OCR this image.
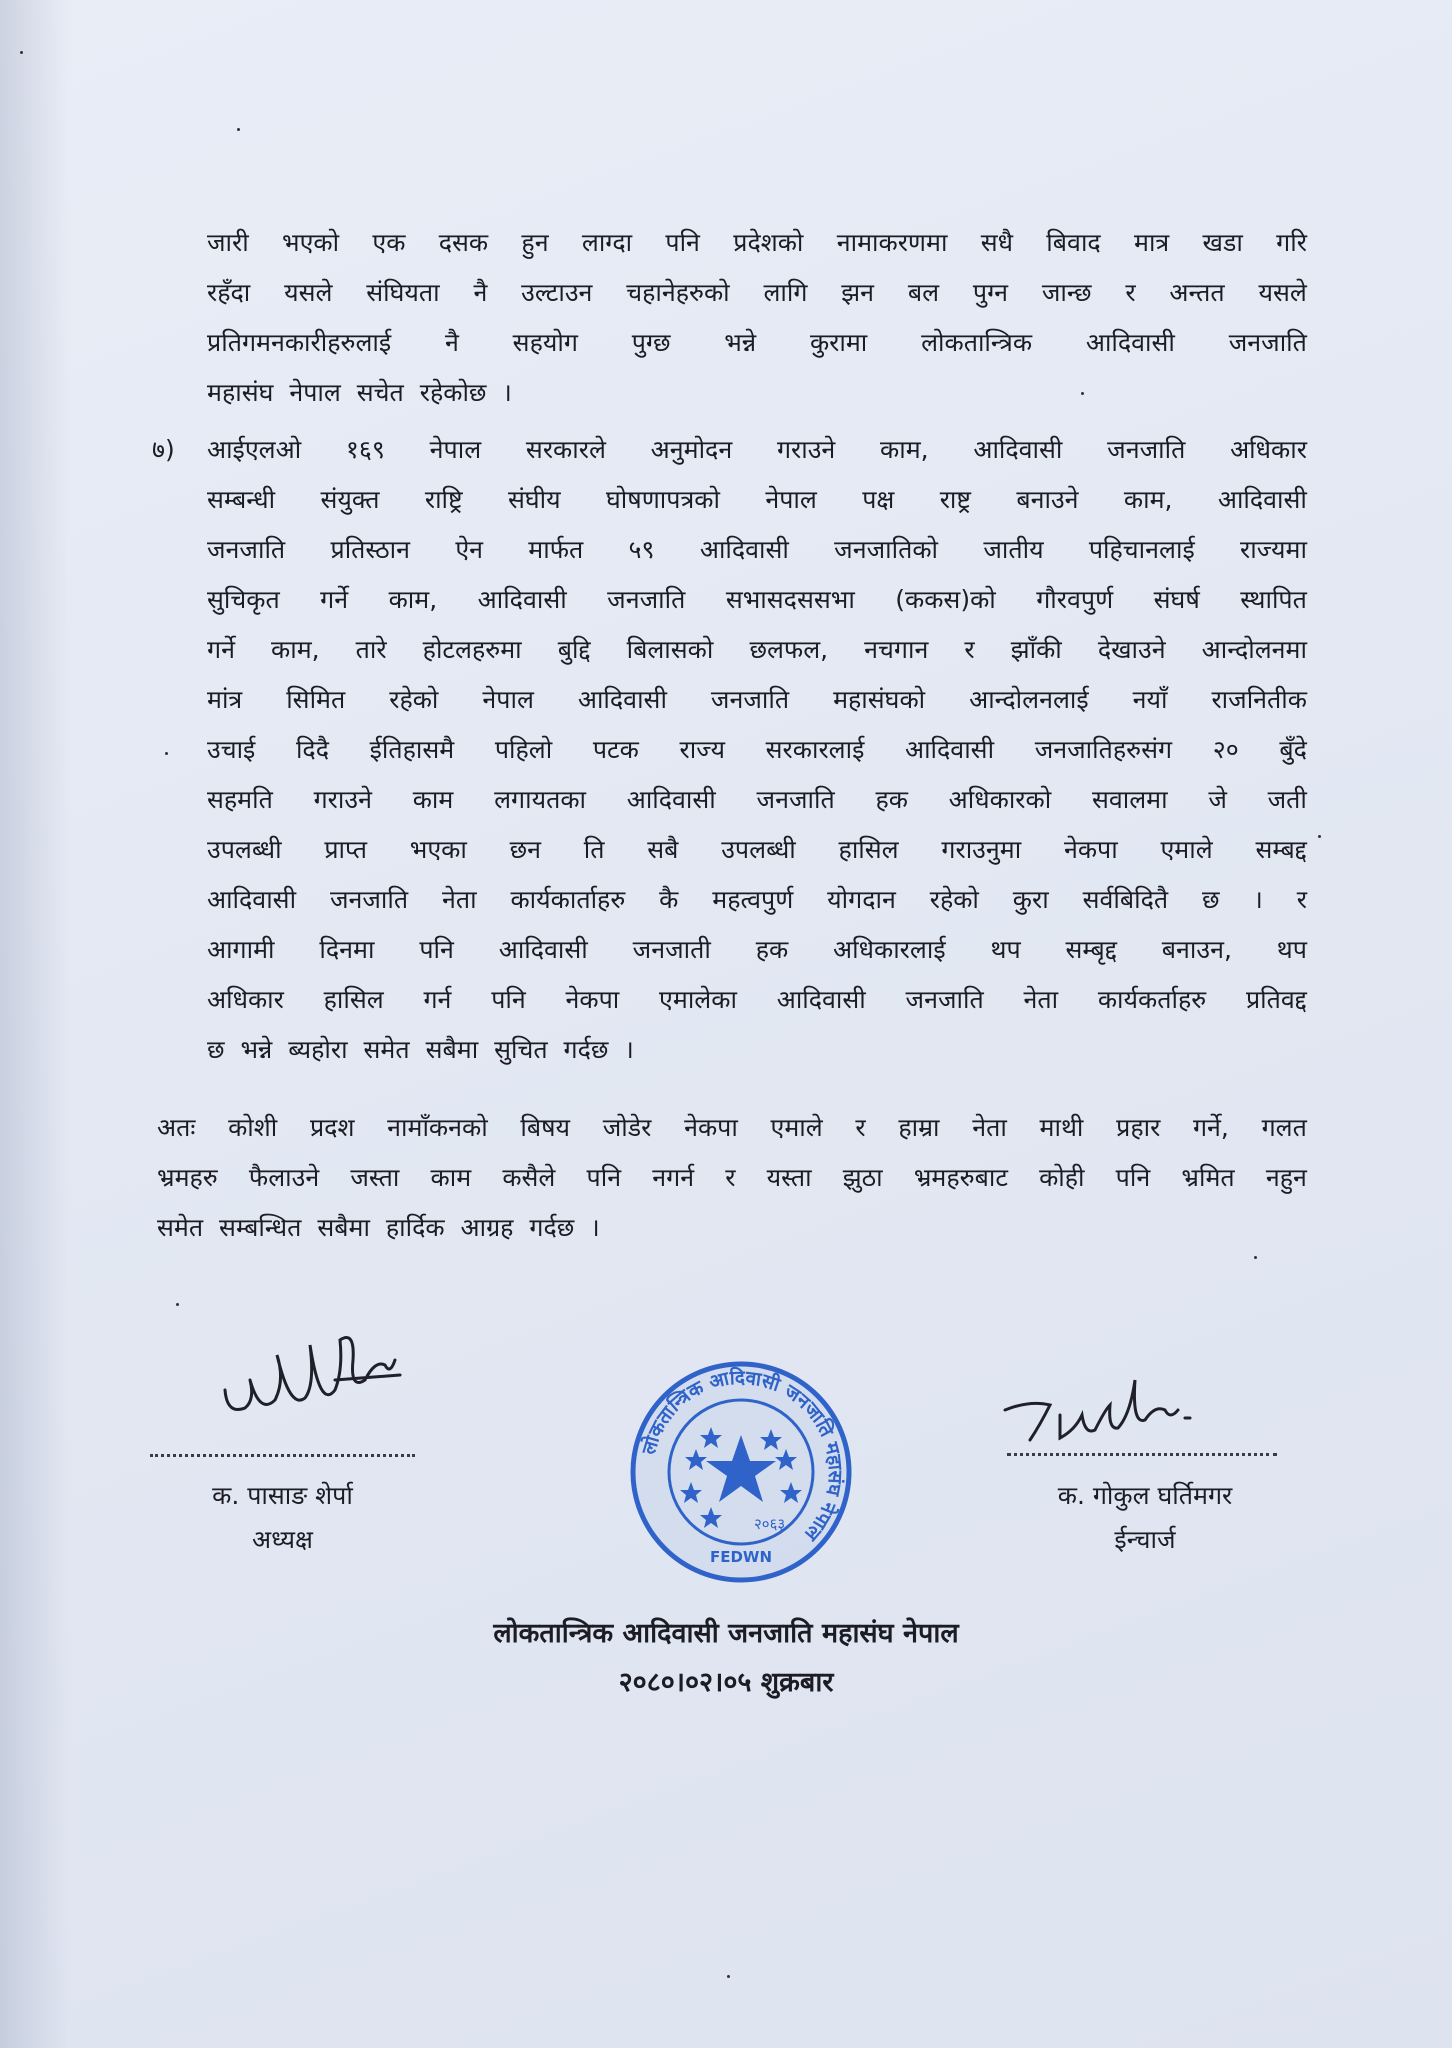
जारी भएको एक दसक हुन लाग्दा पनि प्रदेशको नामाकरणमा सधै बिवाद मात्र खडा गरि
रहँदा यसले संघियता नै उल्टाउन चहानेहरुको लागि झन बल पुग्न जान्छ र अन्तत यसले
प्रतिगमनकारीहरुलाई नै सहयोग पुग्छ भन्ने कुरामा लोकतान्त्रिक आदिवासी जनजाति
महासंघ नेपाल सचेत रहेकोछ ।
७) आईएलओ १६९ नेपाल सरकारले अनुमोदन गराउने काम, आदिवासी जनजाति अधिकार
सम्बन्धी संयुक्त राष्ट्रि संघीय घोषणापत्रको नेपाल पक्ष राष्ट्र बनाउने काम, आदिवासी
जनजाति प्रतिस्ठान ऐन मार्फत ५९ आदिवासी जनजातिको जातीय पहिचानलाई राज्यमा
सुचिकृत गर्ने काम, आदिवासी जनजाति सभासदससभा (ककस)को गौरवपुर्ण संघर्ष स्थापित
गर्ने काम, तारे होटलहरुमा बुद्दि बिलासको छलफल, नचगान र झाँकी देखाउने आन्दोलनमा
मांत्र सिमित रहेको नेपाल आदिवासी जनजाति महासंघको आन्दोलनलाई नयाँ राजनितीक
उचाई दिदै ईतिहासमै पहिलो पटक राज्य सरकारलाई आदिवासी जनजातिहरुसंग २० बुँदे
सहमति गराउने काम लगायतका आदिवासी जनजाति हक अधिकारको सवालमा जे जती
उपलब्धी प्राप्त भएका छन ति सबै उपलब्धी हासिल गराउनुमा नेकपा एमाले सम्बद्द
आदिवासी जनजाति नेता कार्यकार्ताहरु कै महत्वपुर्ण योगदान रहेको कुरा सर्वबिदितै छ । र
आगामी दिनमा पनि आदिवासी जनजाती हक अधिकारलाई थप सम्बृद्द बनाउन, थप
अधिकार हासिल गर्न पनि नेकपा एमालेका आदिवासी जनजाति नेता कार्यकर्ताहरु प्रतिवद्द
छ भन्ने ब्यहोरा समेत सबैमा सुचित गर्दछ ।
अतः कोशी प्रदश नामाँकनको बिषय जोडेर नेकपा एमाले र हाम्रा नेता माथी प्रहार गर्ने, गलत
भ्रमहरु फैलाउने जस्ता काम कसैले पनि नगर्न र यस्ता झुठा भ्रमहरुबाट कोही पनि भ्रमित नहुन
समेत सम्बन्धित सबैमा हार्दिक आग्रह गर्दछ ।
क. पासाङ शेर्पा
अध्यक्ष
लोकतान्त्रिक आदिवासी जनजाति महासंघ नेपाल
२०६३
FEDWN
क. गोकुल घर्तिमगर
ईन्चार्ज
लोकतान्त्रिक आदिवासी जनजाति महासंघ नेपाल
२०८०।०२।०५ शुक्रबार
